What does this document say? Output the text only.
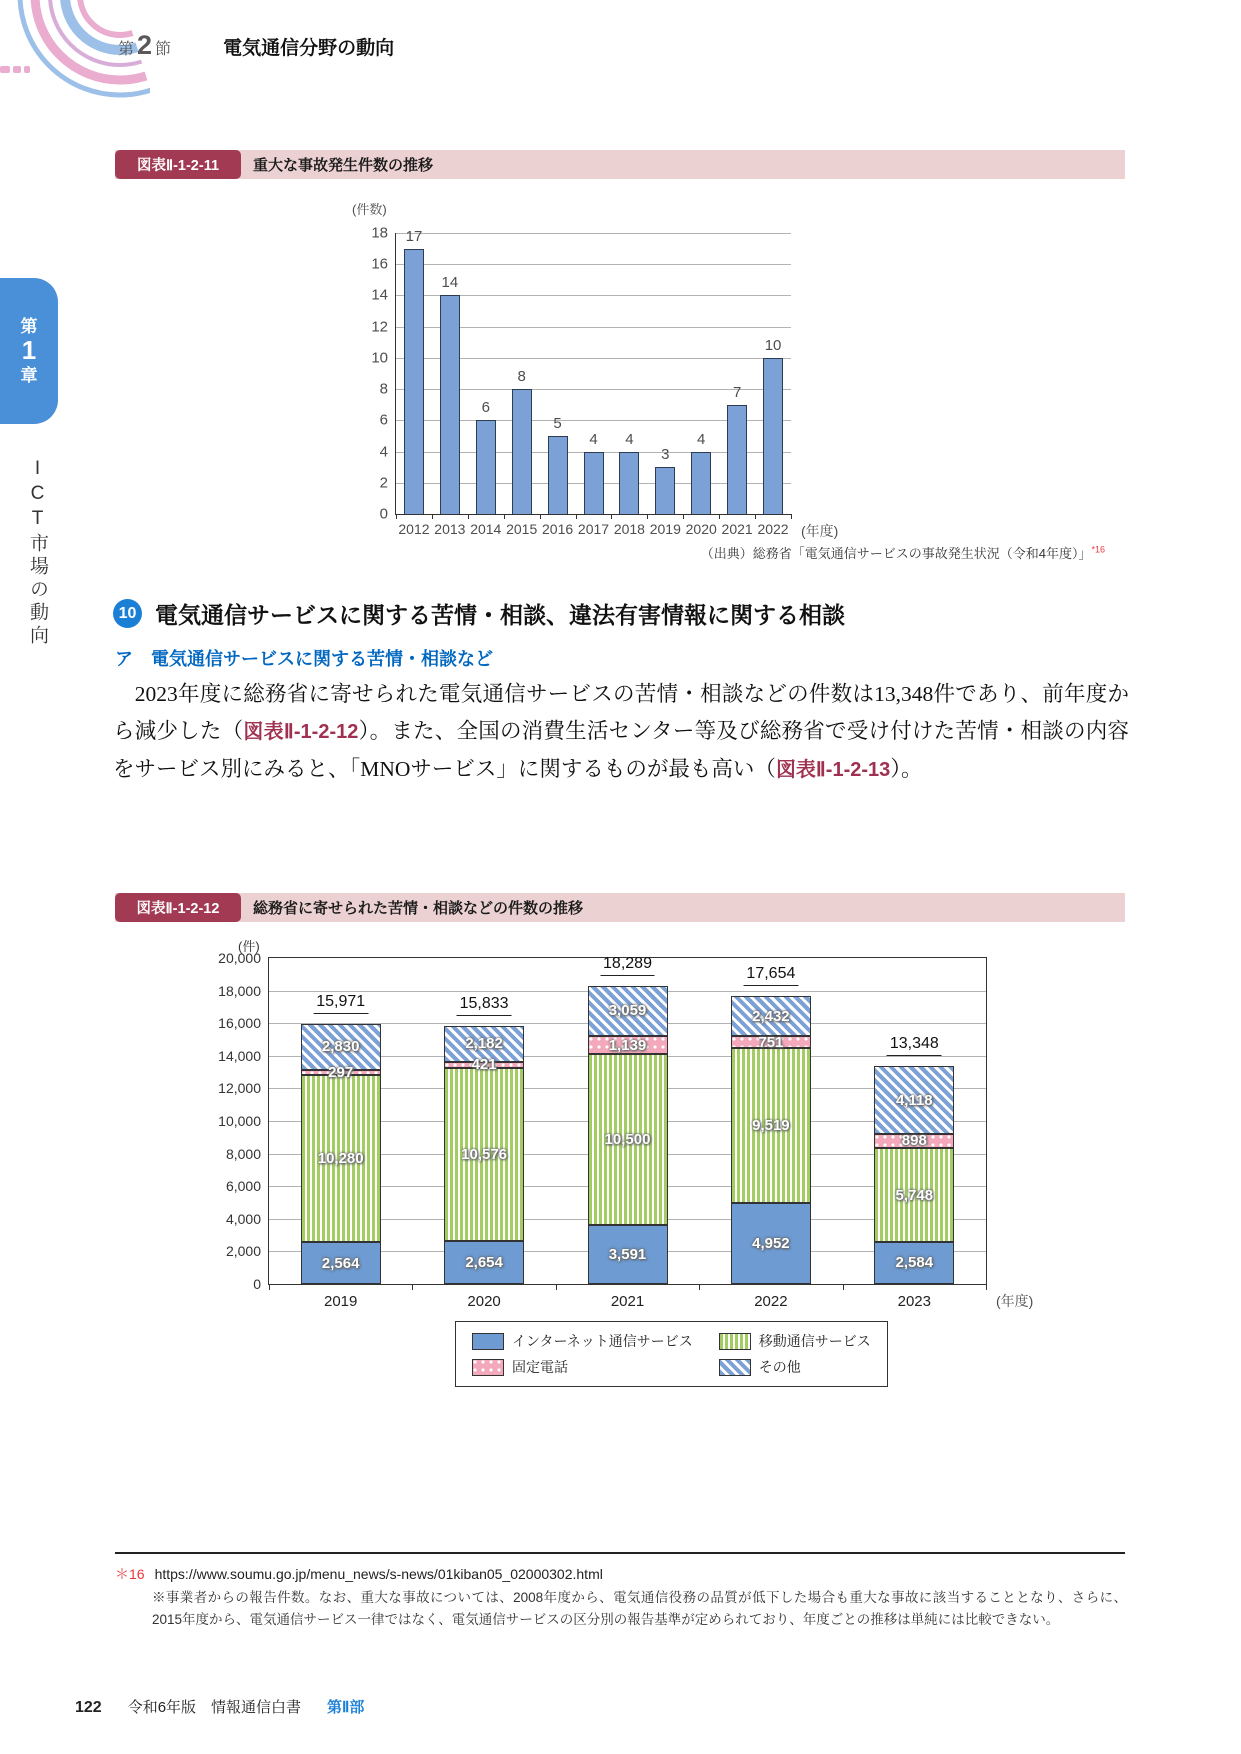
第 2 節	電気通信分野の動向
第
1
章
ICT市場の動向
図表Ⅱ-1-2-11	重大な事故発生件数の推移
(件数)
(年度)
0
2
4
6
8
10
12
14
16
18 17
2012
14
2013
6
2014
8
2015
5
2016
4
2017
4
2018
3
2019
4
2020
7
2021
10
2022
（出典）総務省「電気通信サービスの事故発生状況（令和4年度）」$^{*16}$
10 電気通信サービスに関する苦情・相談、違法有害情報に関する相談
ア　電気通信サービスに関する苦情・相談など

　2023年度に総務省に寄せられた電気通信サービスの苦情・相談などの件数は13,348件であり、前年度から減少した（図表Ⅱ-1-2-12）。また、全国の消費生活センター等及び総務省で受け付けた苦情・相談の内容をサービス別にみると、「MNOサービス」に関するものが最も高い（図表Ⅱ-1-2-13）。

図表Ⅱ-1-2-12	総務省に寄せられた苦情・相談などの件数の推移
(件)
(年度)
0
2,000
4,000
6,000
8,000
10,000
12,000
14,000
16,000
18,000
20,000
2,564
10,280
297
2,830
15,971
2019
2,654
10,576
421
2,182
15,833
2020
3,591
10,500
1,139
3,059
18,289
2021
4,952
9,519
751
2,432
17,654
2022
2,584
5,748
898
4,118
13,348
2023
インターネット通信サービス	移動通信サービス
固定電話	その他
＊16 https://www.soumu.go.jp/menu_news/s-news/01kiban05_02000302.html
※事業者からの報告件数。なお、重大な事故については、2008年度から、電気通信役務の品質が低下した場合も重大な事故に該当することとなり、さらに、2015年度から、電気通信サービス一律ではなく、電気通信サービスの区分別の報告基準が定められており、年度ごとの推移は単純には比較できない。
122 令和6年版　情報通信白書 第Ⅱ部
